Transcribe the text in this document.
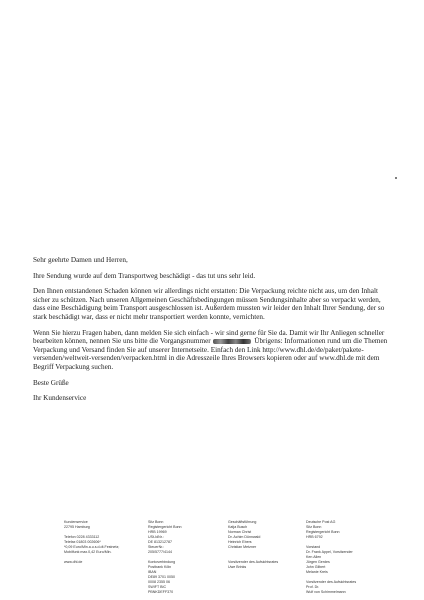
Sehr geehrte Damen und Herren,

Ihre Sendung wurde auf dem Transportweg beschädigt - das tut uns sehr leid.

Den Ihnen entstandenen Schaden können wir allerdings nicht erstatten: Die Verpackung reichte nicht aus, um den Inhalt sicher zu schützen. Nach unseren Allgemeinen Geschäftsbedingungen müssen Sendungsinhalte aber so verpackt werden, dass eine Beschädigung beim Transport ausgeschlossen ist. Außerdem mussten wir leider den Inhalt Ihrer Sendung, der so stark beschädigt war, dass er nicht mehr transportiert werden konnte, vernichten.

Wenn Sie hierzu Fragen haben, dann melden Sie sich einfach - wir sind gerne für Sie da. Damit wir Ihr Anliegen schneller bearbeiten können, nennen Sie uns bitte die Vorgangsnummer	Übrigens: Informationen rund um die Themen Verpackung und Versand finden Sie auf unserer Internetseite. Einfach den Link http://www.dhl.de/de/paket/pakete-versenden/weltweit-versenden/verpacken.html in die Adresszeile Ihres Browsers kopieren oder auf www.dhl.de mit dem Begriff Verpackung suchen.

Beste Grüße

Ihr Kundenservice

Kundenservice
22795 Hamburg

Telefon 0228 4333112
Telefax 01803 002606*
*0,09 Euro/Min.a.u.s.d.dt.Festnetz;
Mobilfunk max.0,42 Euro/Min.

www.dhl.de
Sitz Bonn
Registergericht Bonn
HRB 19969
USt-IdNr.:
DE 813212787
SteuerNr.:
205/5777/4144
Kontoverbindung
Postbank Köln
IBAN
DE89 3701 0050
0008 2355 06
SWIFT BIC
PBNKDEFF370
Geschäftsführung
Katja Busch
Norman Christ
Dr. Achim Dünnwald
Heinrich Ebers
Christian Metzner
Vorsitzender des Aufsichtsrates
Uwe Brinks
Deutsche Post AG
Sitz Bonn
Registergericht Bonn
HRB 6792

Vorstand
Dr. Frank Appel, Vorsitzender
Ken Allen
Jürgen Gerdes
John Gilbert
Melanie Kreis
Vorsitzender des Aufsichtsrates
Prof. Dr.
Wulf von Schimmelmann
